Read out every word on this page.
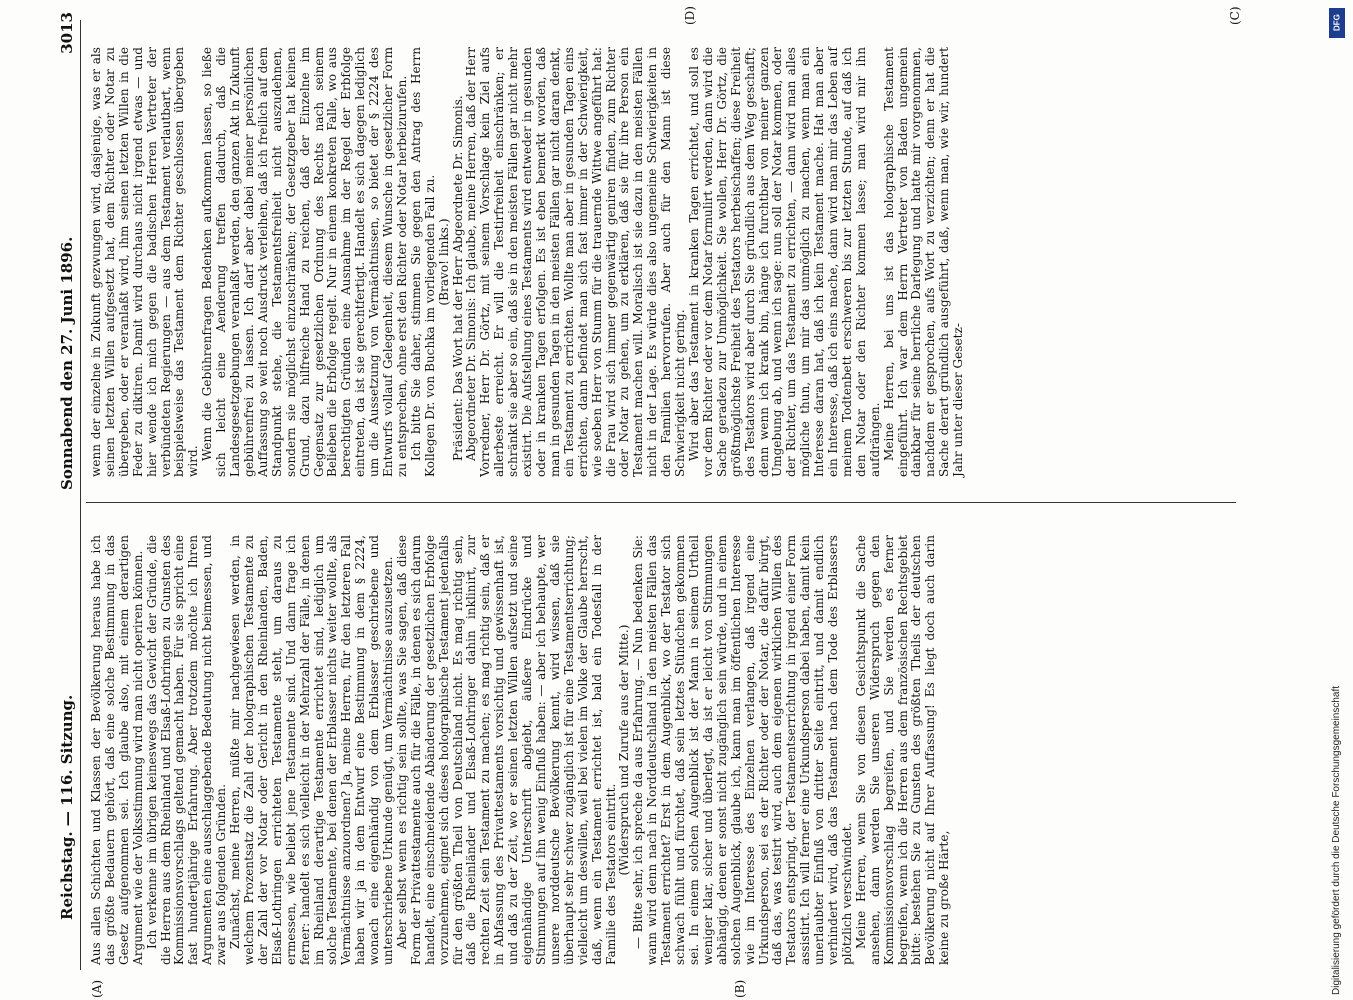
Reichstag. — 116. Sitzung.
Sonnabend den 27. Juni 1896.
3013
(A)	(B)
(C)
(D)

Aus allen Schichten und Klassen der Bevölkerung heraus habe ich das größte Bedauern gehört, daß eine solche Bestimmung in das Gesetz aufgenommen sei. Ich glaube also, mit einem derartigen Argument wie der Volksstimmung wird man nicht operiren können. Ich verkenne im übrigen keineswegs das Gewicht der Gründe, die die Herren aus dem Rheinland und Elsaß-Lothringen zu Gunsten des Kommissionsvorschlags geltend gemacht haben. Für sie spricht eine fast hundertjährige Erfahrung. Aber trotzdem möchte ich Ihren Argumenten eine ausschlaggebende Bedeutung nicht beimessen, und zwar aus folgenden Gründen. Zunächst, meine Herren, müßte mir nachgewiesen werden, in welchem Prozentsatz die Zahl der holographischen Testamente zu der Zahl der vor Notar oder Gericht in den Rheinlanden, Baden, Elsaß-Lothringen errichteten Testamente steht, um daraus zu ermessen, wie beliebt jene Testamente sind. Und dann frage ich ferner: handelt es sich vielleicht in der Mehrzahl der Fälle, in denen im Rheinland derartige Testamente errichtet sind, lediglich um solche Testamente, bei denen der Erblasser nichts weiter wollte, als Vermächtnisse anzuordnen? Ja, meine Herren, für den letzteren Fall haben wir ja in dem Entwurf eine Bestimmung in dem § 2224, wonach eine eigenhändig von dem Erblasser geschriebene und unterschriebene Urkunde genügt, um Vermächtnisse auszusetzen. Aber selbst wenn es richtig sein sollte, was Sie sagen, daß diese Form der Privattestamente auch für die Fälle, in denen es sich darum handelt, eine einschneidende Abänderung der gesetzlichen Erbfolge vorzunehmen, eignet sich dieses holographische Testament jedenfalls für den größten Theil von Deutschland nicht. Es mag richtig sein, daß die Rheinländer und Elsaß-Lothringer dahin inklinirt, zur rechten Zeit sein Testament zu machen; es mag richtig sein, daß er in Abfassung des Privattestaments vorsichtig und gewissenhaft ist, und daß zu der Zeit, wo er seinen letzten Willen aufsetzt und seine eigenhändige Unterschrift abgiebt, äußere Eindrücke und Stimmungen auf ihn wenig Einfluß haben: — aber ich behaupte, wer unsere norddeutsche Bevölkerung kennt, wird wissen, daß sie überhaupt sehr schwer zugänglich ist für eine Testamentserrichtung; vielleicht um deswillen, weil bei vielen im Volke der Glaube herrscht, daß, wenn ein Testament errichtet ist, bald ein Todesfall in der Familie des Testators eintritt. (Widerspruch und Zurufe aus der Mitte.) — Bitte sehr, ich spreche da aus Erfahrung. — Nun bedenken Sie: wann wird denn nach in Norddeutschland in den meisten Fällen das Testament errichtet? Erst in dem Augenblick, wo der Testator sich schwach fühlt und fürchtet, daß sein letztes Stündchen gekommen sei. In einem solchen Augenblick ist der Mann in seinem Urtheil weniger klar, sicher und überlegt, da ist er leicht von Stimmungen abhängig, denen er sonst nicht zugänglich sein würde, und in einem solchen Augenblick, glaube ich, kann man im öffentlichen Interesse wie im Interesse des Einzelnen verlangen, daß irgend eine Urkundsperson, sei es der Richter oder der Notar, die dafür bürgt, daß das, was testirt wird, auch dem eigenen wirklichen Willen des Testators entspringt, der Testamentserrichtung in irgend einer Form assistirt. Ich will ferner eine Urkundsperson dabei haben, damit kein unerlaubter Einfluß von dritter Seite eintritt, und damit endlich verhindert wird, daß das Testament nach dem Tode des Erblassers plötzlich verschwindet. Meine Herren, wenn Sie von diesen Gesichtspunkt die Sache ansehen, dann werden Sie unseren Widerspruch gegen den Kommissionsvorschlag begreifen, und Sie werden es ferner begreifen, wenn ich die Herren aus dem französischen Rechtsgebiet bitte: bestehen Sie zu Gunsten des größten Theils der deutschen Bevölkerung nicht auf Ihrer Auffassung! Es liegt doch auch darin keine zu große Härte,

wenn der einzelne in Zukunft gezwungen wird, dasjenige, was er als seinen letzten Willen aufgesetzt hat, dem Richter oder Notar zu übergeben, oder er veranlaßt wird, ihm seinen letzten Willen in die Feder zu diktiren. Damit wird durchaus nicht irgend etwas — und hier wende ich mich gegen die badischen Herren Vertreter der verbündeten Regierungen — aus dem Testament verlautbart, wenn beispielsweise das Testament dem Richter geschlossen übergeben wird.

Wenn die Gebührenfragen Bedenken aufkommen lassen, so ließe sich leicht eine Aenderung treffen dadurch, daß die Landesgesetzgebungen veranlaßt werden, den ganzen Akt in Zukunft gebührenfrei zu lassen. Ich darf aber dabei meiner persönlichen Auffassung so weit noch Ausdruck verleihen, daß ich freilich auf dem Standpunkt stehe, die Testamentsfreiheit nicht auszudehnen, sondern sie möglichst einzuschränken; der Gesetzgeber hat keinen Grund, dazu hilfreiche Hand zu reichen, daß der Einzelne im Gegensatz zur gesetzlichen Ordnung des Rechts nach seinem Belieben die Erbfolge regelt. Nur in einem konkreten Falle, wo aus berechtigten Gründen eine Ausnahme im der Regel der Erbfolge eintreten, da ist sie gerechtfertigt. Handelt es sich dagegen lediglich um die Aussetzung von Vermächtnissen, so bietet der § 2224 des Entwurfs vollauf Gelegenheit, diesem Wunsche in gesetzlicher Form zu entsprechen, ohne erst den Richter oder Notar herbeizurufen. Ich bitte Sie daher, stimmen Sie gegen den Antrag des Herrn Kollegen Dr. von Buchka im vorliegenden Fall zu. (Bravo! links.) Präsident: Das Wort hat der Herr Abgeordnete Dr. Simonis. Abgeordneter Dr. Simonis: Ich glaube, meine Herren, daß der Herr Vorredner, Herr Dr. Görtz, mit seinem Vorschlage kein Ziel aufs allerbeste erreicht. Er will die Testirfreiheit einschränken; er schränkt sie aber so ein, daß sie in den meisten Fällen gar nicht mehr existirt. Die Aufstellung eines Testaments wird entweder in gesunden oder in kranken Tagen erfolgen. Es ist eben bemerkt worden, daß man in gesunden Tagen in den meisten Fällen gar nicht daran denkt, ein Testament zu errichten. Wollte man aber in gesunden Tagen eins errichten, dann befindet man sich fast immer in der Schwierigkeit, wie soeben Herr von Stumm für die trauernde Wittwe angeführt hat: die Frau wird sich immer gegenwärtig geniren finden, zum Richter oder Notar zu gehen, um zu erklären, daß sie für ihre Person ein Testament machen will. Moralisch ist sie dazu in den meisten Fällen nicht in der Lage. Es würde dies also ungemeine Schwierigkeiten in den Familien hervorrufen. Aber auch für den Mann ist diese Schwierigkeit nicht gering. Wird aber das Testament in kranken Tagen errichtet, und soll es vor dem Richter oder vor dem Notar formulirt werden, dann wird die Sache geradezu zur Unmöglichkeit. Sie wollen, Herr Dr. Görtz, die größtmöglichste Freiheit des Testators herbeischaffen; diese Freiheit des Testators wird aber durch Sie gründlich aus dem Weg geschafft; denn wenn ich krank bin, hänge ich furchtbar von meiner ganzen Umgebung ab, und wenn ich sage: nun soll der Notar kommen, oder der Richter, um das Testament zu errichten, — dann wird man alles mögliche thun, um mir das unmöglich zu machen, wenn man ein Interesse daran hat, daß ich kein Testament mache. Hat man aber ein Interesse, daß ich eins mache, dann wird man mir das Leben auf meinem Todtenbett erschweren bis zur letzten Stunde, auf daß ich den Notar oder den Richter kommen lasse; man wird mir ihn aufdrängen. Meine Herren, bei uns ist das holographische Testament eingeführt. Ich war dem Herrn Vertreter von Baden ungemein dankbar für seine herrliche Darlegung und hatte mir vorgenommen, nachdem er gesprochen, aufs Wort zu verzichten; denn er hat die Sache derart gründlich ausgeführt, daß, wenn man, wie wir, hundert Jahr unter dieser Gesetz-

Digitalisierung gefördert durch die Deutsche Forschungsgemeinschaft
DFG
